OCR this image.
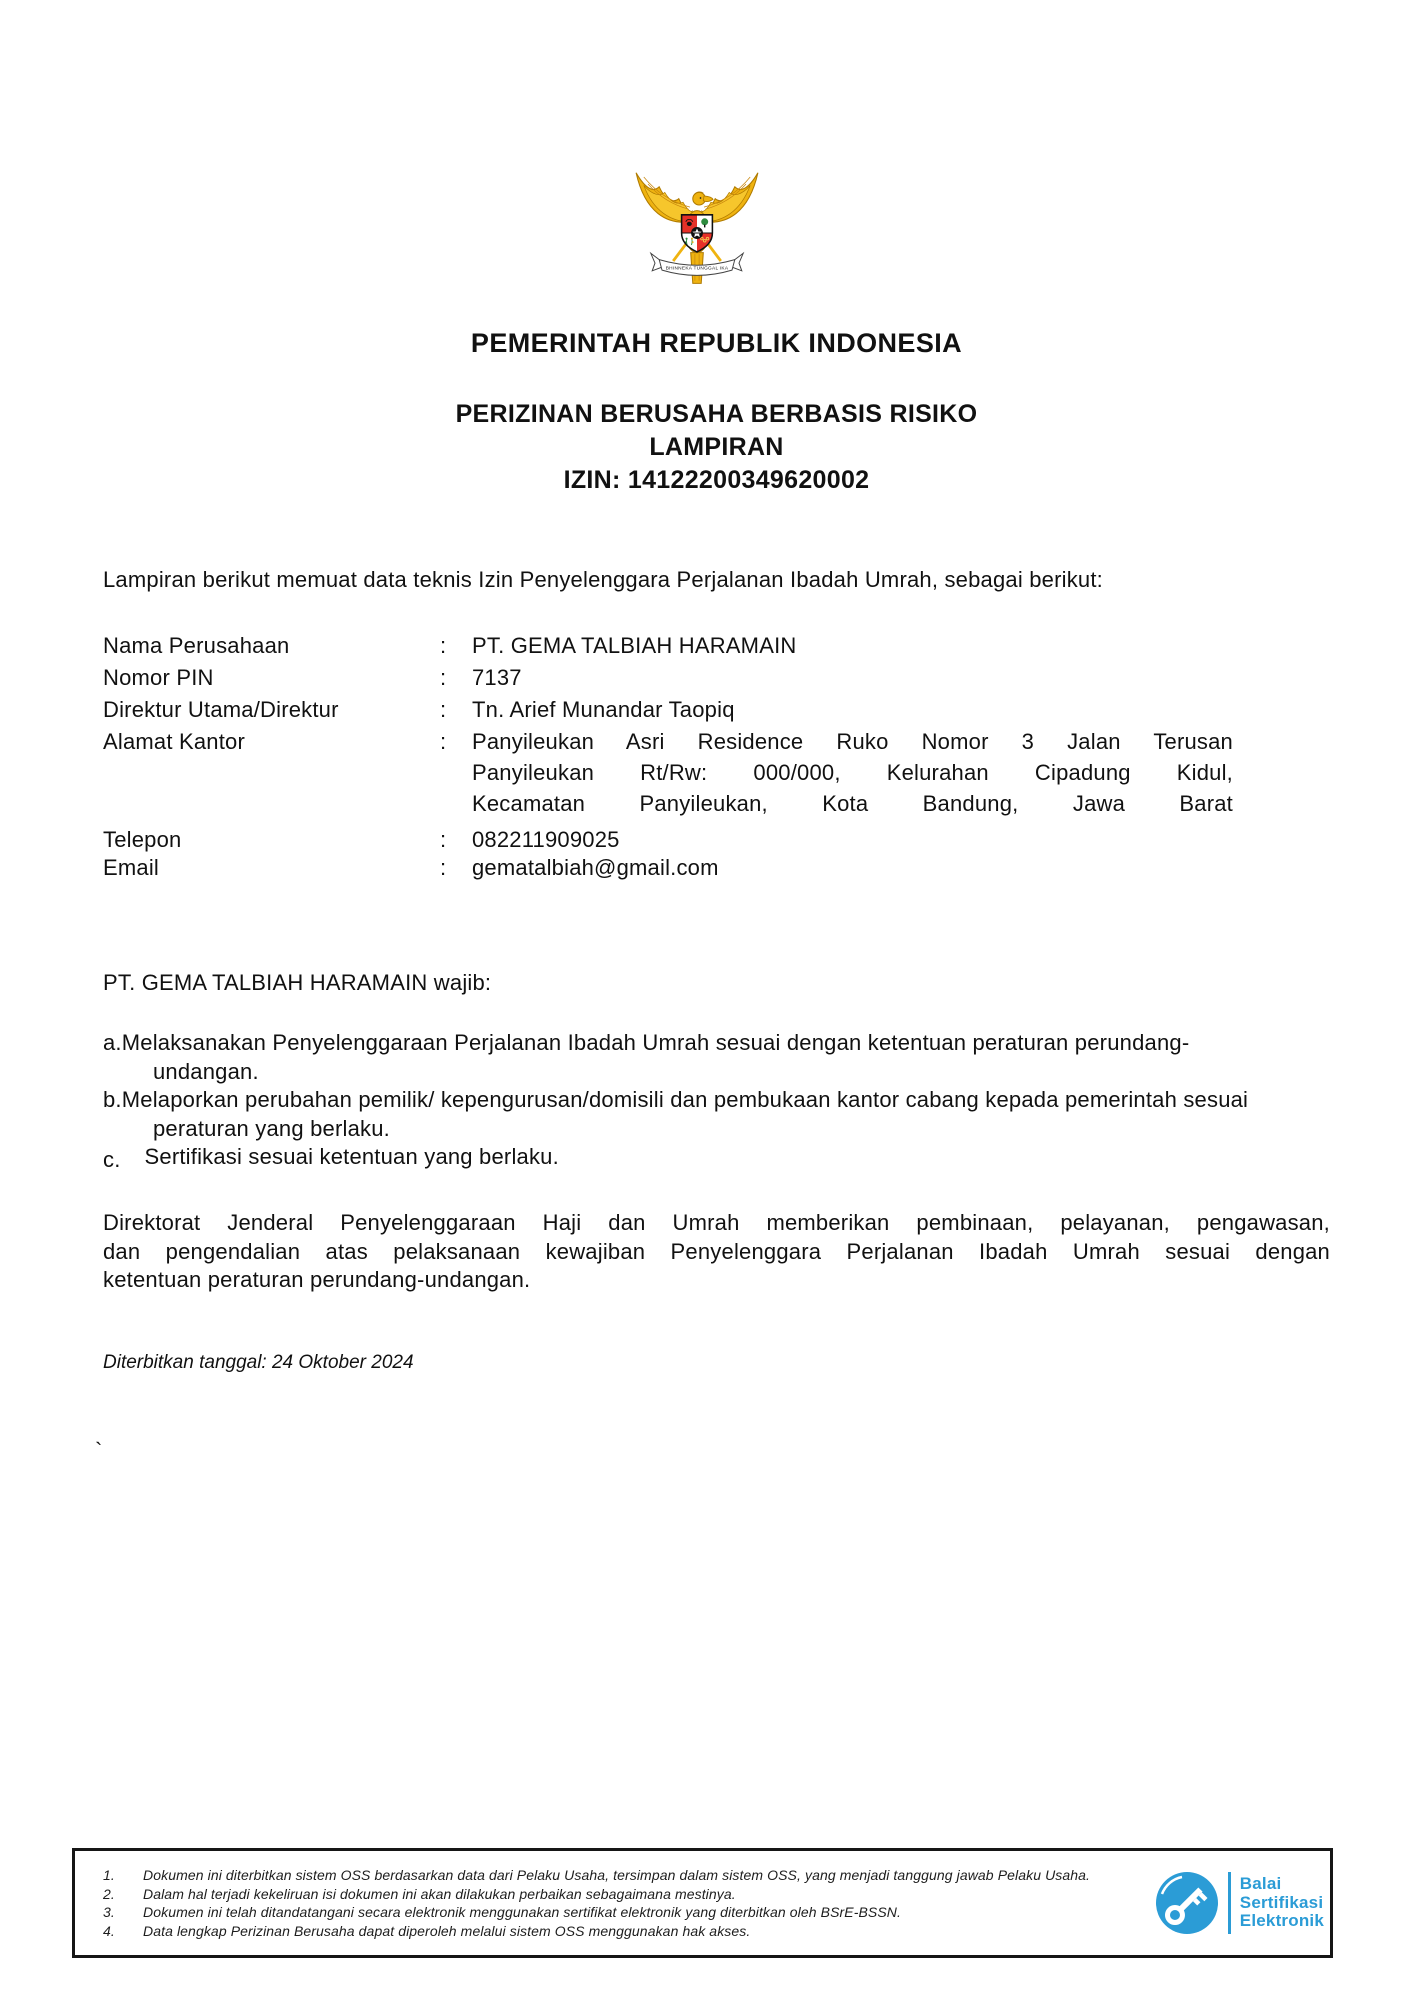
BHINNEKA TUNGGAL IKA
PEMERINTAH REPUBLIK INDONESIA
PERIZINAN BERUSAHA BERBASIS RISIKO
LAMPIRAN
IZIN: 14122200349620002
Lampiran berikut memuat data teknis Izin Penyelenggara Perjalanan Ibadah Umrah, sebagai berikut:
Nama Perusahaan	:	PT. GEMA TALBIAH HARAMAIN
Nomor PIN	:	7137
Direktur Utama/Direktur	:	Tn. Arief Munandar Taopiq
Alamat Kantor	:	Panyileukan Asri Residence Ruko Nomor 3 Jalan Terusan
Panyileukan Rt/Rw: 000/000, Kelurahan Cipadung Kidul,
Kecamatan Panyileukan, Kota Bandung, Jawa Barat
Telepon	:	082211909025
Email	:	gematalbiah@gmail.com
PT. GEMA TALBIAH HARAMAIN wajib:
a.Melaksanakan Penyelenggaraan Perjalanan Ibadah Umrah sesuai dengan ketentuan peraturan perundang-undangan.
b.Melaporkan perubahan pemilik/ kepengurusan/domisili dan pembukaan kantor cabang kepada pemerintah sesuai peraturan yang berlaku.
c. Sertifikasi sesuai ketentuan yang berlaku.
Direktorat Jenderal Penyelenggaraan Haji dan Umrah memberikan pembinaan, pelayanan, pengawasan,
dan pengendalian atas pelaksanaan kewajiban Penyelenggara Perjalanan Ibadah Umrah sesuai dengan
ketentuan peraturan perundang-undangan.
Diterbitkan tanggal: 24 Oktober 2024
`
1.	Dokumen ini diterbitkan sistem OSS berdasarkan data dari Pelaku Usaha, tersimpan dalam sistem OSS, yang menjadi tanggung jawab Pelaku Usaha.
2.	Dalam hal terjadi kekeliruan isi dokumen ini akan dilakukan perbaikan sebagaimana mestinya.
3.	Dokumen ini telah ditandatangani secara elektronik menggunakan sertifikat elektronik yang diterbitkan oleh BSrE-BSSN.
4.	Data lengkap Perizinan Berusaha dapat diperoleh melalui sistem OSS menggunakan hak akses.
Balai
Sertifikasi
Elektronik
